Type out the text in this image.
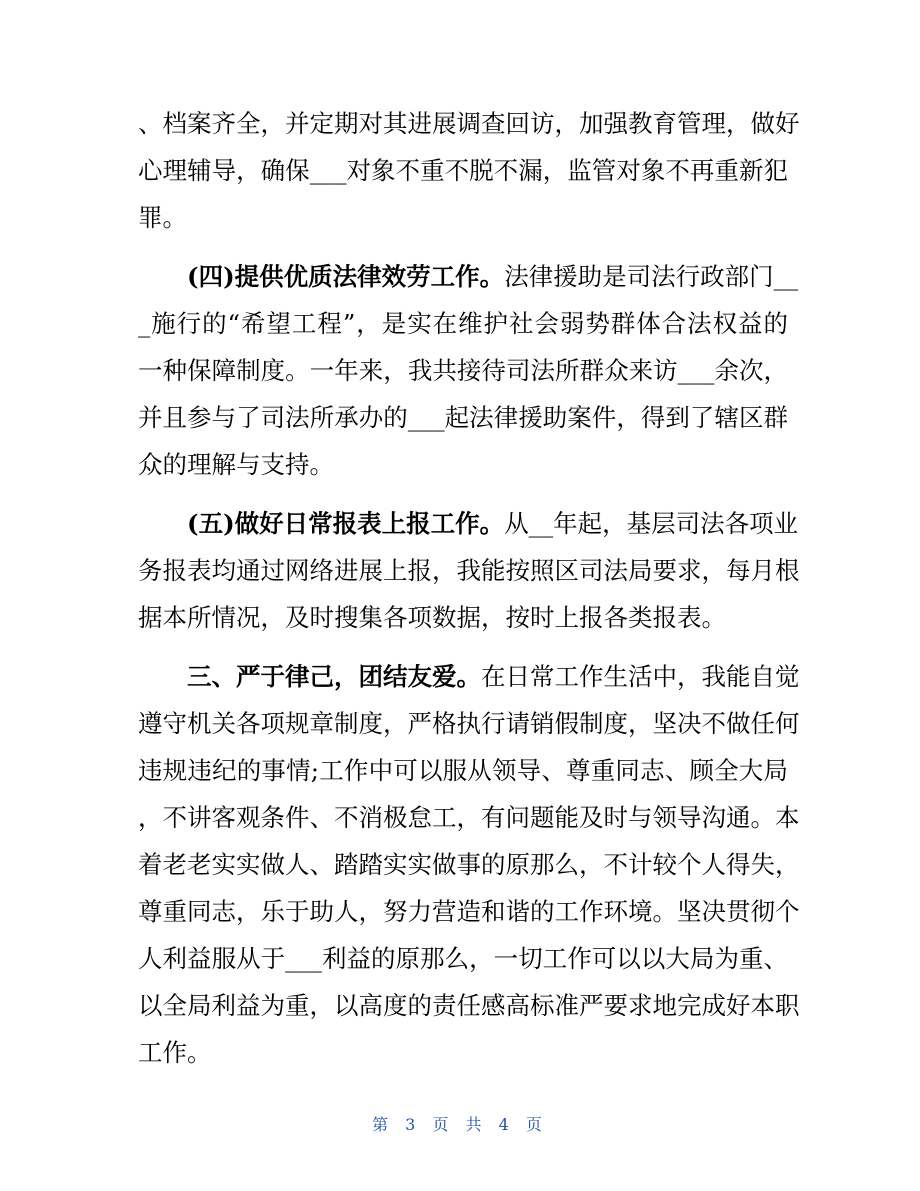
、档案齐全，并定期对其进展调查回访，加强教育管理，做好
心理辅导，确保___对象不重不脱不漏，监管对象不再重新犯
罪。
(四)提供优质法律效劳工作。法律援助是司法行政部门__
_施行的“希望工程”，是实在维护社会弱势群体合法权益的
一种保障制度。一年来，我共接待司法所群众来访___余次，
并且参与了司法所承办的___起法律援助案件，得到了辖区群
众的理解与支持。
(五)做好日常报表上报工作。从__年起，基层司法各项业
务报表均通过网络进展上报，我能按照区司法局要求，每月根
据本所情况，及时搜集各项数据，按时上报各类报表。
三、严于律己，团结友爱。在日常工作生活中，我能自觉
遵守机关各项规章制度，严格执行请销假制度，坚决不做任何
违规违纪的事情;工作中可以服从领导、尊重同志、顾全大局
，不讲客观条件、不消极怠工，有问题能及时与领导沟通。本
着老老实实做人、踏踏实实做事的原那么，不计较个人得失，
尊重同志，乐于助人，努力营造和谐的工作环境。坚决贯彻个
人利益服从于___利益的原那么，一切工作可以以大局为重、
以全局利益为重，以高度的责任感高标准严要求地完成好本职
工作。
第 3 页 共 4 页
